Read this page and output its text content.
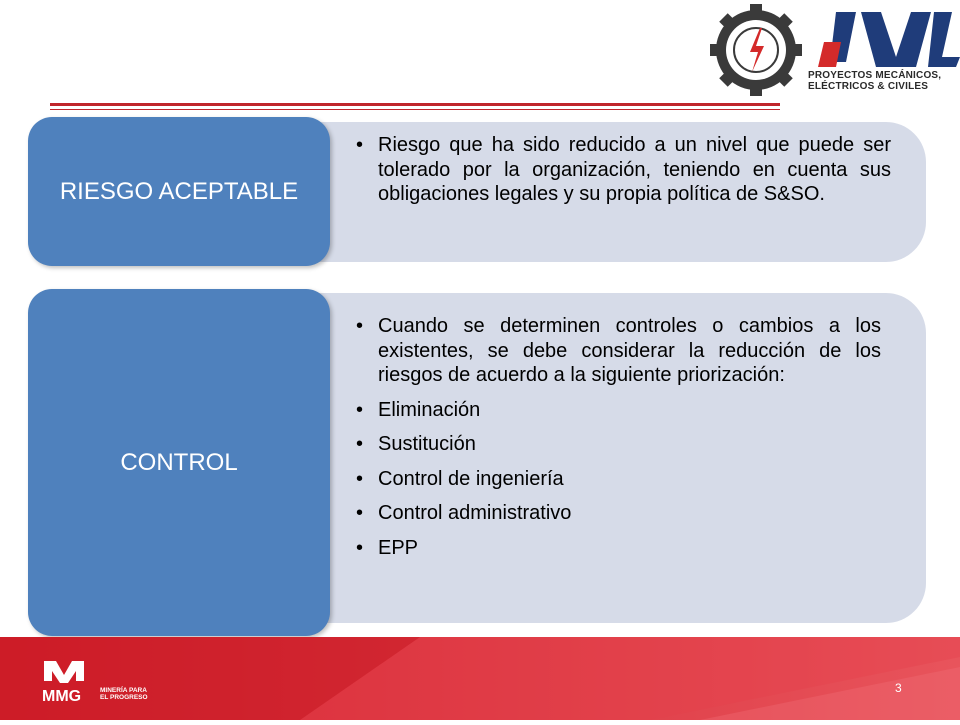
PROYECTOS MECÁNICOS,
ELÉCTRICOS & CIVILES
RIESGO ACEPTABLE
• Riesgo que ha sido reducido a un nivel que puede ser tolerado por la organización, teniendo en cuenta sus obligaciones legales y su propia política de S&SO.
CONTROL
• Cuando se determinen controles o cambios a los existentes, se debe considerar la reducción de los riesgos de acuerdo a la siguiente priorización:
• Eliminación
• Sustitución
• Control de ingeniería
• Control administrativo
• EPP
MMG	MINERÍA PARA
EL PROGRESO
3
